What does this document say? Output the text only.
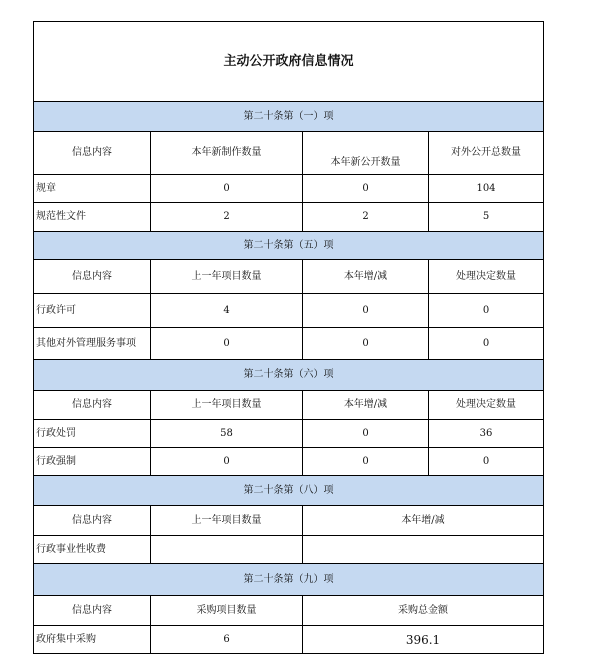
主动公开政府信息情况			
第二十条第（一）项			
信息内容	本年新制作数量	本年新公开数量	对外公开总数量
规章	0	0	104
规范性文件	2	2	5
第二十条第（五）项			
信息内容	上一年项目数量	本年增/减	处理决定数量
行政许可	4	0	0
其他对外管理服务事项	0	0	0
第二十条第（六）项			
信息内容	上一年项目数量	本年增/减	处理决定数量
行政处罚	58	0	36
行政强制	0	0	0
第二十条第（八）项			
信息内容	上一年项目数量	本年增/减	
行政事业性收费			
第二十条第（九）项			
信息内容	采购项目数量	采购总金额	
政府集中采购	6	396.1	
